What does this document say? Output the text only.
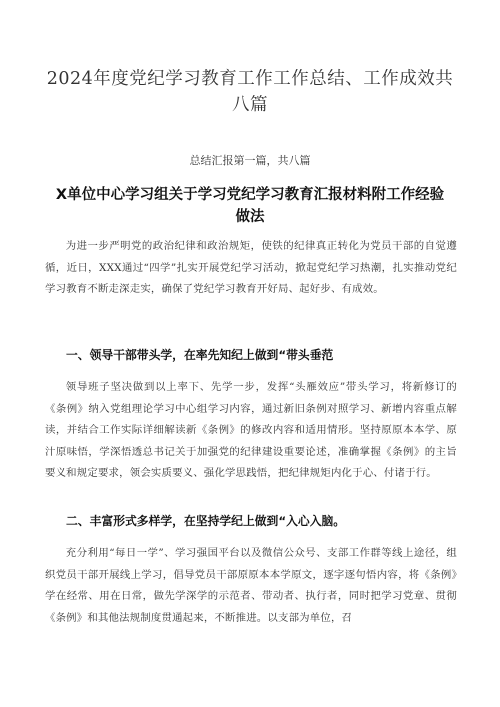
2024年度党纪学习教育工作工作总结、工作成效共八篇
总结汇报第一篇，共八篇
X单位中心学习组关于学习党纪学习教育汇报材料附工作经验做法

为进一步严明党的政治纪律和政治规矩，使铁的纪律真正转化为党员干部的自觉遵循，近日，XXX通过“四学”扎实开展党纪学习活动，掀起党纪学习热潮，扎实推动党纪学习教育不断走深走实，确保了党纪学习教育开好局、起好步、有成效。

一、领导干部带头学，在率先知纪上做到“带头垂范

领导班子坚决做到以上率下、先学一步，发挥“头雁效应”带头学习，将新修订的《条例》纳入党组理论学习中心组学习内容，通过新旧条例对照学习、新增内容重点解读，并结合工作实际详细解读新《条例》的修改内容和适用情形。坚持原原本本学、原汁原味悟，学深悟透总书记关于加强党的纪律建设重要论述，准确掌握《条例》的主旨要义和规定要求，领会实质要义、强化学思践悟，把纪律规矩内化于心、付诸于行。

二、丰富形式多样学，在坚持学纪上做到“入心入脑。

充分利用“每日一学”、学习强国平台以及微信公众号、支部工作群等线上途径，组织党员干部开展线上学习，倡导党员干部原原本本学原文，逐字逐句悟内容，将《条例》学在经常、用在日常，做先学深学的示范者、带动者、执行者，同时把学习党章、贯彻《条例》和其他法规制度贯通起来，不断推进。以支部为单位，召
